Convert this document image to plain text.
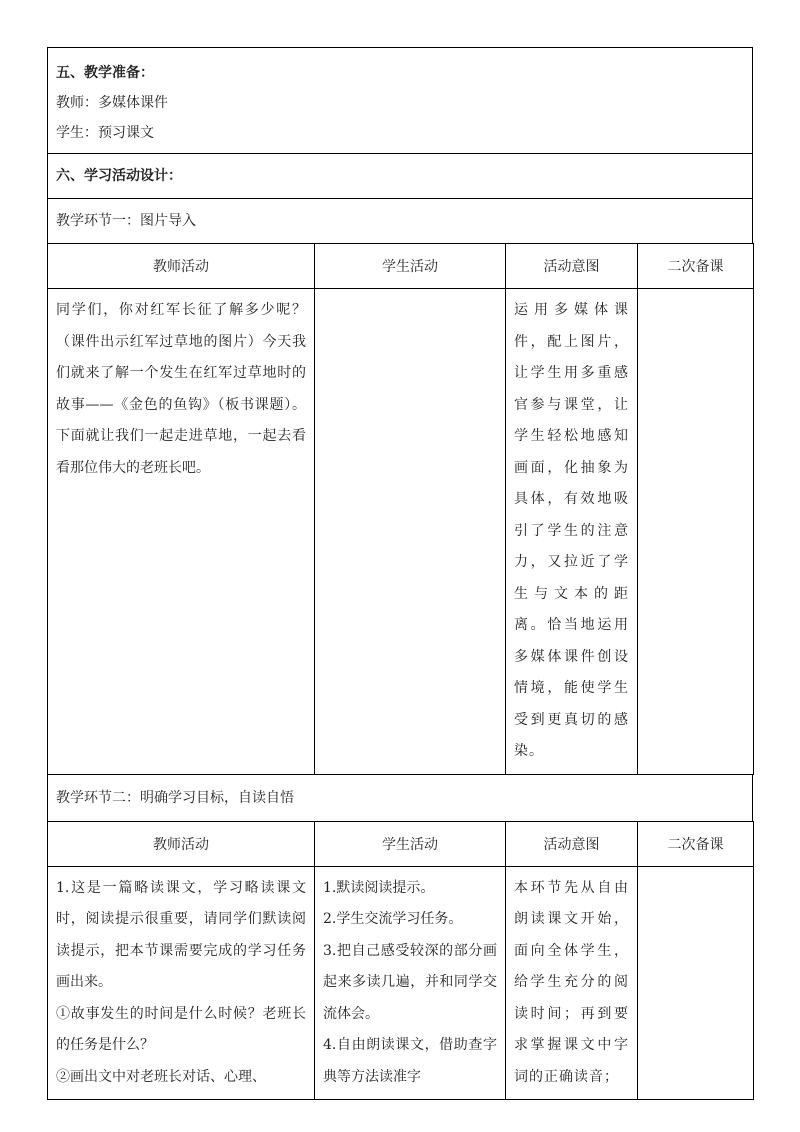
五、教学准备：
教师：多媒体课件
学生：预习课文
六、学习活动设计：
教学环节一：图片导入
教师活动	学生活动	活动意图	二次备课

同学们，你对红军长征了解多少呢？（课件出示红军过草地的图片）今天我们就来了解一个发生在红军过草地时的故事——《金色的鱼钩》（板书课题）。下面就让我们一起走进草地，一起去看看那位伟大的老班长吧。		运用多媒体课件，配上图片，让学生用多重感官参与课堂，让学生轻松地感知画面，化抽象为具体，有效地吸引了学生的注意力，又拉近了学生与文本的距离。恰当地运用多媒体课件创设情境，能使学生受到更真切的感染。	

教学环节二：明确学习目标，自读自悟
教师活动	学生活动	活动意图	二次备课

1.这是一篇略读课文，学习略读课文时，阅读提示很重要，请同学们默读阅读提示，把本节课需要完成的学习任务画出来。
①故事发生的时间是什么时候？老班长的任务是什么？
②画出文中对老班长对话、心理、	1.默读阅读提示。
2.学生交流学习任务。
3.把自己感受较深的部分画起来多读几遍，并和同学交流体会。
4.自由朗读课文，借助查字典等方法读准字	本环节先从自由朗读课文开始，面向全体学生，给学生充分的阅读时间；再到要求掌握课文中字词的正确读音；	
